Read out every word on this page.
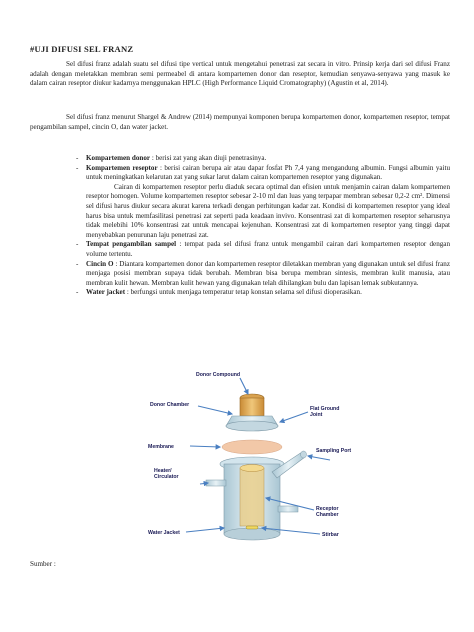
#UJI DIFUSI SEL FRANZ

Sel difusi franz adalah suatu sel difusi tipe vertical untuk mengetahui penetrasi zat secara in vitro. Prinsip kerja dari sel difusi Franz adalah dengan meletakkan membran semi permeabel di antara kompartemen donor dan reseptor, kemudian senyawa-senyawa yang masuk ke dalam cairan reseptor diukur kadarnya menggunakan HPLC (High Performance Liquid Cromatography) (Agustin et al, 2014).

Sel difusi franz menurut Shargel & Andrew (2014) mempunyai komponen berupa kompartemen donor, kompartemen reseptor, tempat pengambilan sampel, cincin O, dan water jacket.

- Kompartemen donor : berisi zat yang akan diuji penetrasinya.
- Kompartemen reseptor : berisi cairan berupa air atau dapar fosfat Ph 7,4 yang mengandung albumin. Fungsi albumin yaitu untuk meningkatkan kelarutan zat yang sukar larut dalam cairan kompartemen reseptor yang digunakan.

Cairan di kompartemen reseptor perlu diaduk secara optimal dan efisien untuk menjamin cairan dalam kompartemen reseptor homogen. Volume kompartemen reseptor sebesar 2-10 ml dan luas yang terpapar membran sebesar 0,2-2 cm². Dimensi sel difusi harus diukur secara akurat karena terkadi dengan perhitungan kadar zat. Kondisi di kompartemen reseptor yang ideal harus bisa untuk memfasilitasi penetrasi zat seperti pada keadaan invivo. Konsentrasi zat di kompartemen reseptor seharusnya tidak melebihi 10% konsentrasi zat untuk mencapai kejenuhan. Konsentrasi zat di kompartemen reseptor yang tinggi dapat menyebabkan penurunan laju penetrasi zat.

- Tempat pengambilan sampel : tempat pada sel difusi franz untuk mengambil cairan dari kompartemen reseptor dengan volume tertentu.
- Cincin O : Diantara kompartemen donor dan kompartemen reseptor diletakkan membran yang digunakan untuk sel difusi franz menjaga posisi membran supaya tidak berubah. Membran bisa berupa membran sintesis, membran kulit manusia, atau membran kulit hewan. Membran kulit hewan yang digunakan telah dihilangkan bulu dan lapisan lemak subkutannya.
- Water jacket : berfungsi untuk menjaga temperatur tetap konstan selama sel difusi dioperasikan.
Donor Compound
Donor Chamber
Flat Ground Joint
Membrane
Sampling Port
Heater/ Circulator
Receptor Chamber
Water Jacket	Stirbar
Sumber :
